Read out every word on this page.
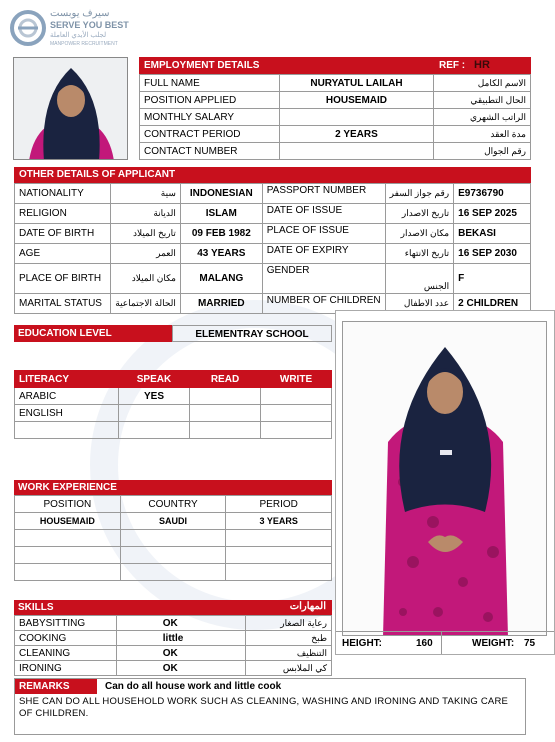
سيرف يوبست
SERVE YOU BEST
لجلب الأيدي العاملة
MANPOWER RECRUITMENT
EMPLOYMENT DETAILS	REF : HR
FULL NAME	NURYATUL LAILAH	الاسم الكامل
POSITION APPLIED	HOUSEMAID	الحال التطبيقي
MONTHLY SALARY		الراتب الشهري
CONTRACT PERIOD	2 YEARS	مدة العقد
CONTACT NUMBER		رقم الجوال
OTHER DETAILS OF APPLICANT
NATIONALITY	سية	INDONESIAN	PASSPORT NUMBER	رقم جواز السفر	E9736790
RELIGION	الديانة	ISLAM	DATE OF ISSUE	تاريخ الاصدار	16 SEP 2025
DATE OF BIRTH	تاريخ الميلاد	09 FEB 1982	PLACE OF ISSUE	مكان الاصدار	BEKASI
AGE	العمر	43 YEARS	DATE OF EXPIRY	تاريخ الانتهاء	16 SEP 2030
PLACE OF BIRTH	مكان الميلاد	MALANG	GENDER	الجنس	F
MARITAL STATUS	الحالة الاجتماعية	MARRIED	NUMBER OF CHILDREN	عدد الاطفال	2 CHILDREN
EDUCATION LEVEL	ELEMENTRAY SCHOOL
LITERACY	SPEAK	READ	WRITE
ARABIC	YES		
ENGLISH			

WORK EXPERIENCE
POSITION	COUNTRY	PERIOD
HOUSEMAID	SAUDI	3 YEARS

SKILLS	المهارات
BABYSITTING	OK	رعاية الصغار
COOKING	little	طبخ
CLEANING	OK	التنظيف
IRONING	OK	كي الملابس
HEIGHT:	160	WEIGHT: 75
REMARKS	Can do all house work and little cook
SHE CAN DO ALL HOUSEHOLD WORK SUCH AS CLEANING, WASHING AND IRONING AND TAKING CARE OF CHILDREN.
